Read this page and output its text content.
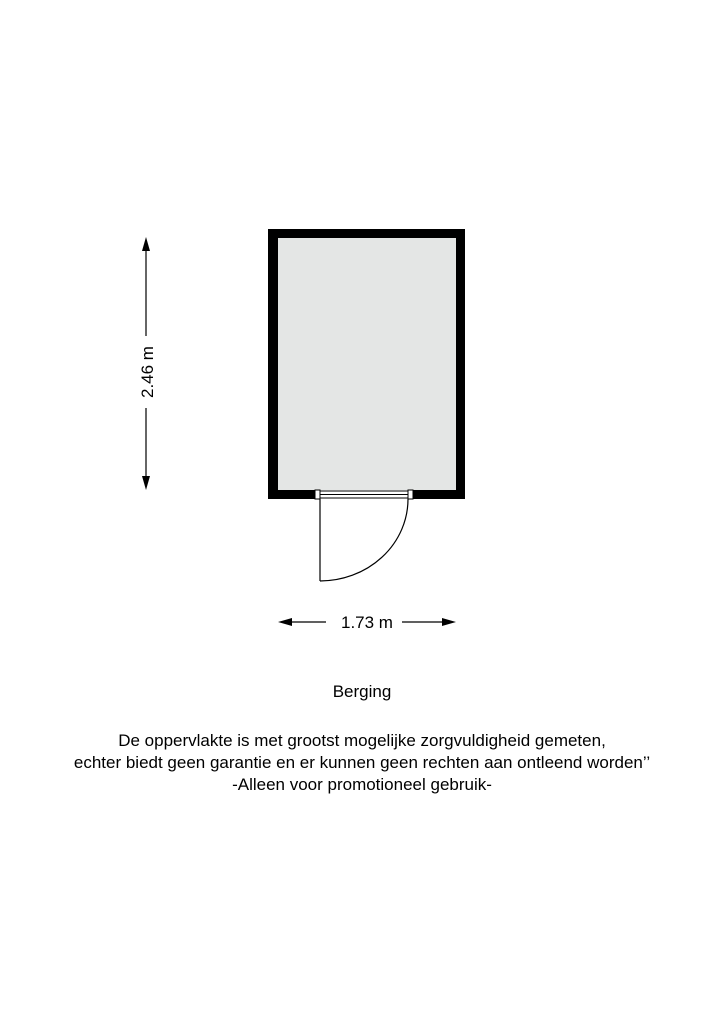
2.46 m
1.73 m

Berging

De oppervlakte is met grootst mogelijke zorgvuldigheid gemeten,
echter biedt geen garantie en er kunnen geen rechten aan ontleend worden’’
-Alleen voor promotioneel gebruik-
